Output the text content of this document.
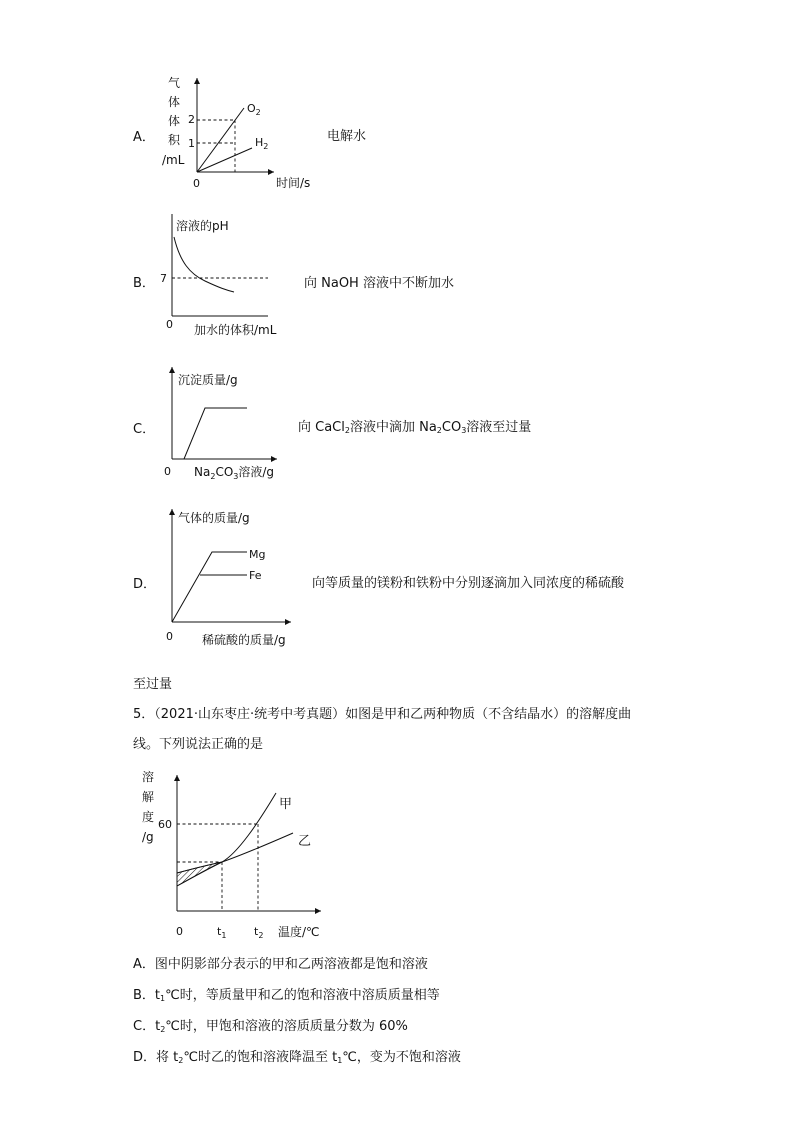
A．
气
体
体
积
/mL
0	时间/s
2
1
$O_2$
$H_2$
电解水
B．
溶液的pH
7
0 加水的体积/mL
向 NaOH 溶液中不断加水
C．
沉淀质量/g
0 $Na_2CO_3$溶液/g
向 CaCl$_2$溶液中滴加 $Na_2CO_3$溶液至过量
D．
气体的质量/g
0 稀硫酸的质量/g
Mg
Fe
向等质量的镁粉和铁粉中分别逐滴加入同浓度的稀硫酸
至过量
5．（2021·山东枣庄·统考中考真题）如图是甲和乙两种物质（不含结晶水）的溶解度曲
线。下列说法正确的是
溶
解
度
/g
60
0	$t_1$	$t_2$ 温度/℃
甲
乙
A．图中阴影部分表示的甲和乙两溶液都是饱和溶液
B．$t_1℃$时，等质量甲和乙的饱和溶液中溶质质量相等
C．$t_2℃$时，甲饱和溶液的溶质质量分数为 60%
D．将 $t_2℃$时乙的饱和溶液降温至 $t_1℃$，变为不饱和溶液
